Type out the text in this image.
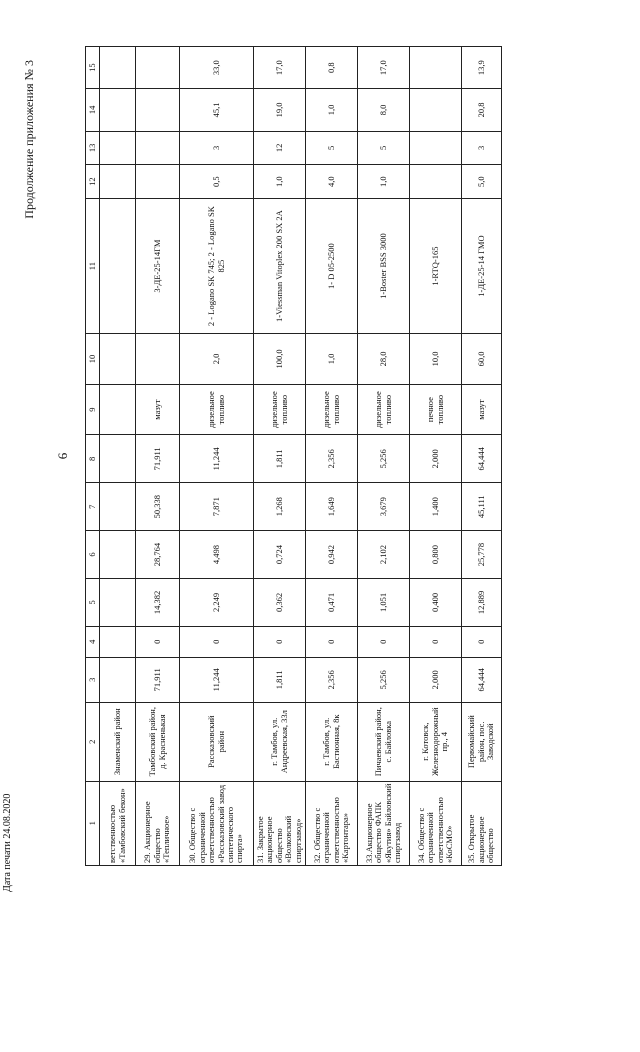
Продолжение приложения № 3
6
1	2	3	4	5	6	7	8	9	10	11	12	13	14	15
ветственностью «Тамбовский бекон»	Знаменский район													
29. Акционерное общество «Тепличное»	Тамбовский район, д. Красненькая	71,911	0	14,382	28,764	50,338	71,911	мазут		3-ДЕ-25-14ГМ				
30. Общество с ограниченной ответственностью «Рассказовский завод синтетического спирта»	Рассказовский район	11,244	0	2,249	4,498	7,871	11,244	дизельное топливо	2,0	2 - Logano SK 745; 2 - Logano SK 825	0,5	3	45,1	33,0
31. Закрытое акционерное общество «Волковский спиртзавод»	г. Тамбов, ул. Андреевская, 33л	1,811	0	0,362	0,724	1,268	1,811	дизельное топливо	100,0	1-Viessman Vitoplex 200 SX 2A	1,0	12	19,0	17,0
32. Общество с ограниченной ответственностью «Картонтара»	г. Тамбов, ул. Бастионная, 8к	2,356	0	0,471	0,942	1,649	2,356	дизельное топливо	1,0	1- D 05-2500	4,0	5	1,0	0,8
33.Акционерное общество ФАПК «Якутия» Байловский спиртзавод	Пичаевский район, с. Байловка	5,256	0	1,051	2,102	3,679	5,256	дизельное топливо	28,0	1-Boster BSS 3000	1,0	5	8,0	17,0
34. Общество с ограниченной ответственностью «КоСМО»	г. Котовск, Железнодорожный пр., 4	2,000	0	0,400	0,800	1,400	2,000	печное топливо	10,0	1-RTQ-165				
35. Открытое акционерное общество	Первомайский район, пос. Заводской	64,444	0	12,889	25,778	45,111	64,444	мазут	60,0	1-ДЕ-25-14 ГМО	5,0	3	20,8	13,9
Дата печати 24.08.2020
